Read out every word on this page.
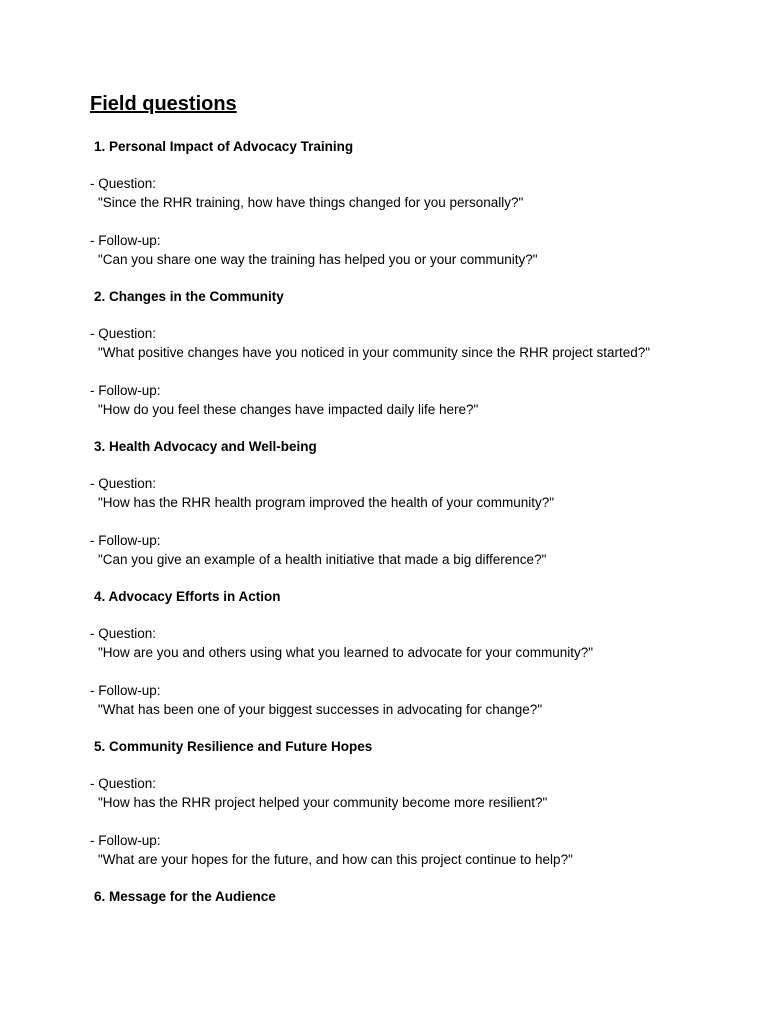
Field questions

1. Personal Impact of Advocacy Training

- Question:

"Since the RHR training, how have things changed for you personally?"

- Follow-up:

"Can you share one way the training has helped you or your community?"

2. Changes in the Community

- Question:

"What positive changes have you noticed in your community since the RHR project started?"

- Follow-up:

"How do you feel these changes have impacted daily life here?"

3. Health Advocacy and Well-being

- Question:

"How has the RHR health program improved the health of your community?"

- Follow-up:

"Can you give an example of a health initiative that made a big difference?"

4. Advocacy Efforts in Action

- Question:

"How are you and others using what you learned to advocate for your community?"

- Follow-up:

"What has been one of your biggest successes in advocating for change?"

5. Community Resilience and Future Hopes

- Question:

"How has the RHR project helped your community become more resilient?"

- Follow-up:

"What are your hopes for the future, and how can this project continue to help?"

6. Message for the Audience
